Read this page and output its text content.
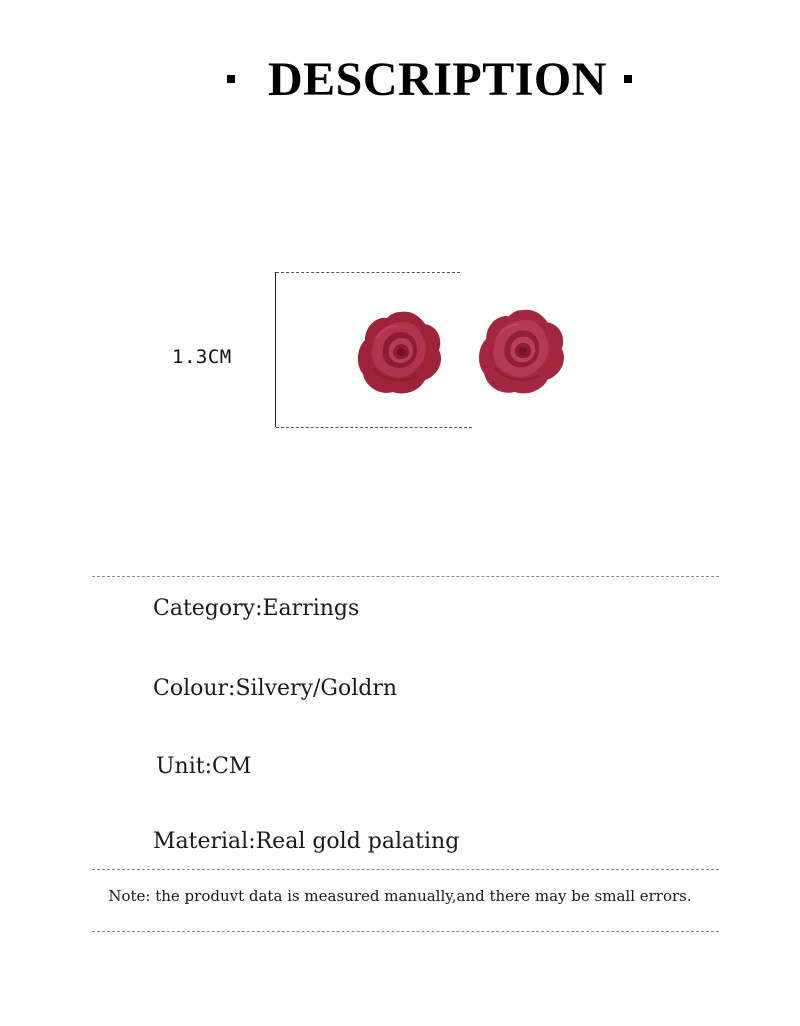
DESCRIPTION
1.3CM
Category:Earrings
Colour:Silvery/Goldrn
Unit:CM
Material:Real gold palating
Note: the produvt data is measured manually,and there may be small errors.
